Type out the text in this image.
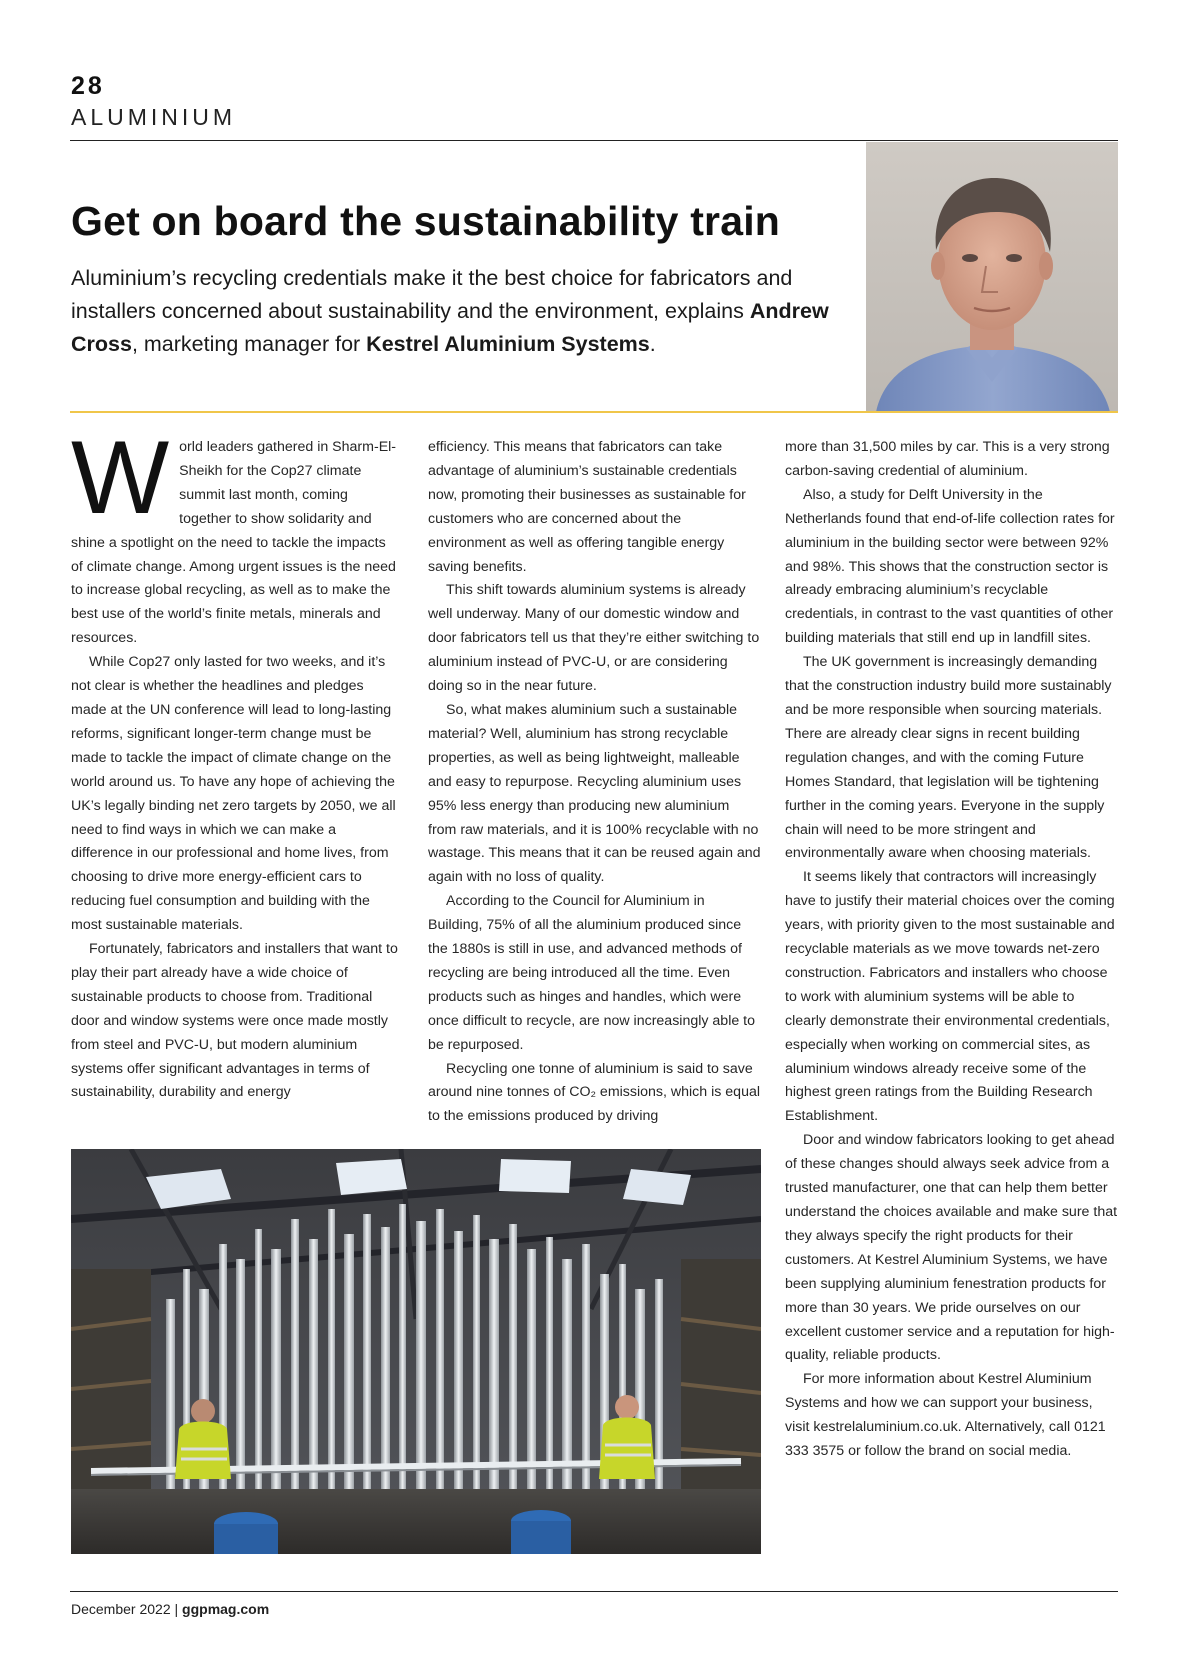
28
ALUMINIUM
Get on board the sustainability train

Aluminium’s recycling credentials make it the best choice for fabricators and installers concerned about sustainability and the environment, explains Andrew Cross, marketing manager for Kestrel Aluminium Systems.

World leaders gathered in Sharm-El-Sheikh for the Cop27 climate summit last month, coming together to show solidarity and shine a spotlight on the need to tackle the impacts of climate change. Among urgent issues is the need to increase global recycling, as well as to make the best use of the world’s finite metals, minerals and resources.

While Cop27 only lasted for two weeks, and it’s not clear is whether the headlines and pledges made at the UN conference will lead to long-lasting reforms, significant longer-term change must be made to tackle the impact of climate change on the world around us. To have any hope of achieving the UK’s legally binding net zero targets by 2050, we all need to find ways in which we can make a difference in our professional and home lives, from choosing to drive more energy-efficient cars to reducing fuel consumption and building with the most sustainable materials.

Fortunately, fabricators and installers that want to play their part already have a wide choice of sustainable products to choose from. Traditional door and window systems were once made mostly from steel and PVC-U, but modern aluminium systems offer significant advantages in terms of sustainability, durability and energy

efficiency. This means that fabricators can take advantage of aluminium’s sustainable credentials now, promoting their businesses as sustainable for customers who are concerned about the environment as well as offering tangible energy saving benefits.

This shift towards aluminium systems is already well underway. Many of our domestic window and door fabricators tell us that they’re either switching to aluminium instead of PVC-U, or are considering doing so in the near future.

So, what makes aluminium such a sustainable material? Well, aluminium has strong recyclable properties, as well as being lightweight, malleable and easy to repurpose. Recycling aluminium uses 95% less energy than producing new aluminium from raw materials, and it is 100% recyclable with no wastage. This means that it can be reused again and again with no loss of quality.

According to the Council for Aluminium in Building, 75% of all the aluminium produced since the 1880s is still in use, and advanced methods of recycling are being introduced all the time. Even products such as hinges and handles, which were once difficult to recycle, are now increasingly able to be repurposed.

Recycling one tonne of aluminium is said to save around nine tonnes of CO₂ emissions, which is equal to the emissions produced by driving

more than 31,500 miles by car. This is a very strong carbon-saving credential of aluminium.

Also, a study for Delft University in the Netherlands found that end-of-life collection rates for aluminium in the building sector were between 92% and 98%. This shows that the construction sector is already embracing aluminium’s recyclable credentials, in contrast to the vast quantities of other building materials that still end up in landfill sites.

The UK government is increasingly demanding that the construction industry build more sustainably and be more responsible when sourcing materials. There are already clear signs in recent building regulation changes, and with the coming Future Homes Standard, that legislation will be tightening further in the coming years. Everyone in the supply chain will need to be more stringent and environmentally aware when choosing materials.

It seems likely that contractors will increasingly have to justify their material choices over the coming years, with priority given to the most sustainable and recyclable materials as we move towards net-zero construction. Fabricators and installers who choose to work with aluminium systems will be able to clearly demonstrate their environmental credentials, especially when working on commercial sites, as aluminium windows already receive some of the highest green ratings from the Building Research Establishment.

Door and window fabricators looking to get ahead of these changes should always seek advice from a trusted manufacturer, one that can help them better understand the choices available and make sure that they always specify the right products for their customers. At Kestrel Aluminium Systems, we have been supplying aluminium fenestration products for more than 30 years. We pride ourselves on our excellent customer service and a reputation for high-quality, reliable products.

For more information about Kestrel Aluminium Systems and how we can support your business, visit kestrelaluminium.co.uk. Alternatively, call 0121 333 3575 or follow the brand on social media.

December 2022 | ggpmag.com
